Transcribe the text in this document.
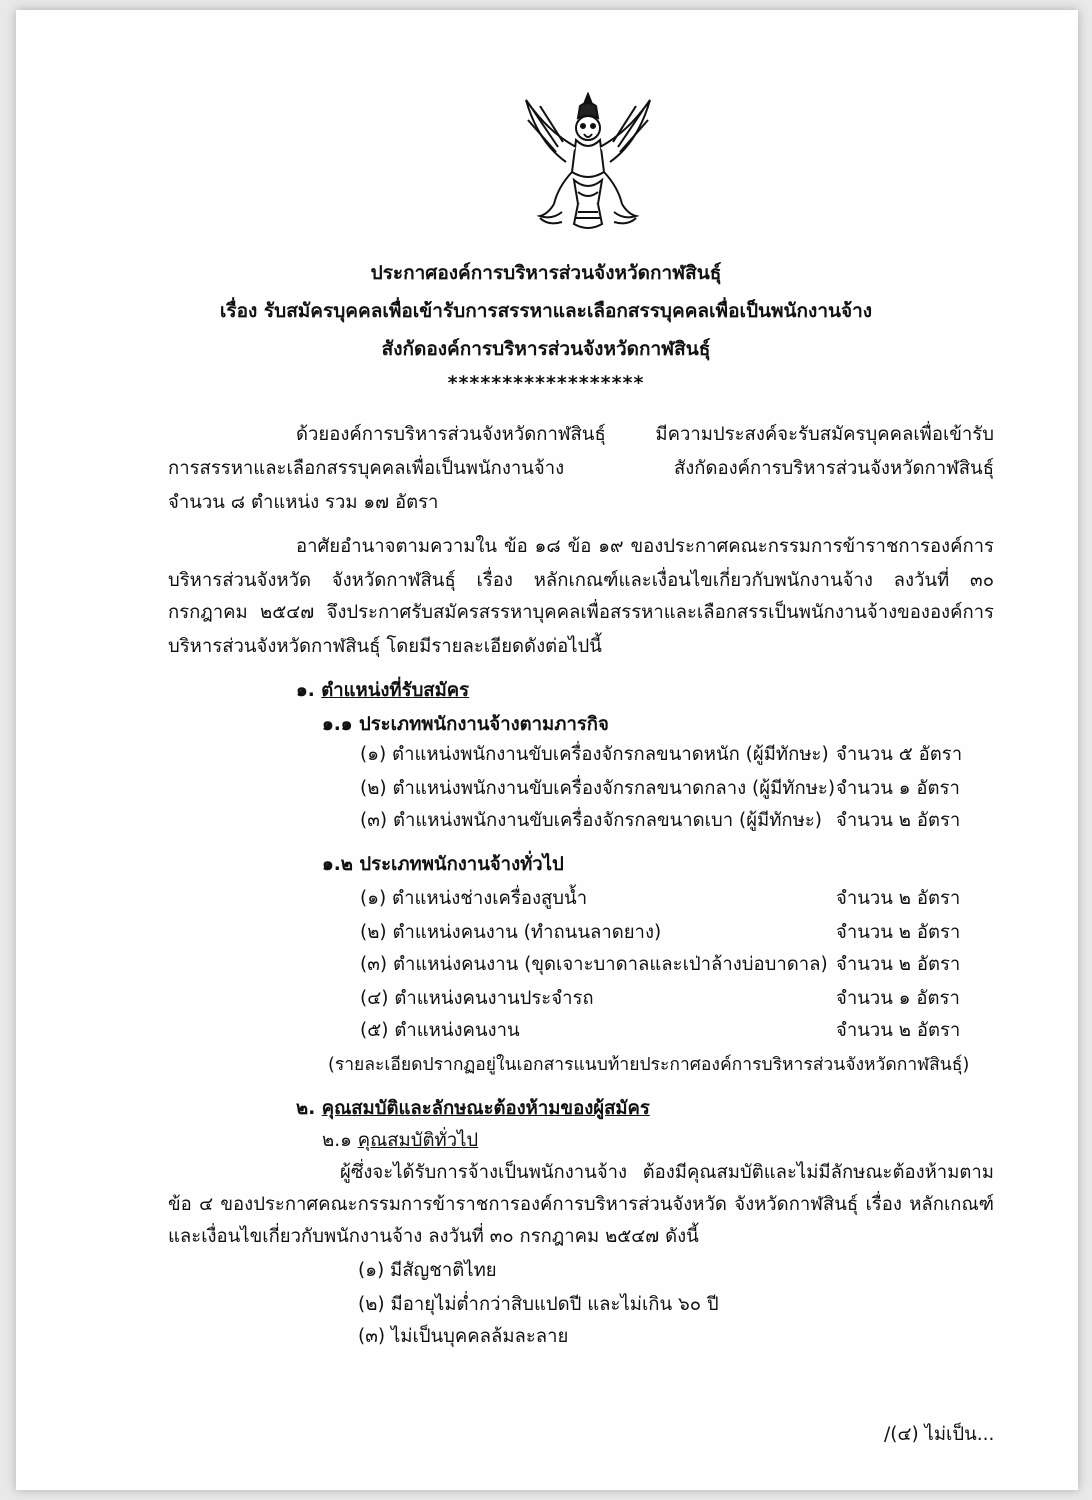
ประกาศองค์การบริหารส่วนจังหวัดกาฬสินธุ์
เรื่อง รับสมัครบุคคลเพื่อเข้ารับการสรรหาและเลือกสรรบุคคลเพื่อเป็นพนักงานจ้าง
สังกัดองค์การบริหารส่วนจังหวัดกาฬสินธุ์
******************
ด้วยองค์การบริหารส่วนจังหวัดกาฬสินธุ์ มีความประสงค์จะรับสมัครบุคคลเพื่อเข้ารับ
การสรรหาและเลือกสรรบุคคลเพื่อเป็นพนักงานจ้าง สังกัดองค์การบริหารส่วนจังหวัดกาฬสินธุ์
จำนวน ๘ ตำแหน่ง รวม ๑๗ อัตรา
อาศัยอำนาจตามความใน ข้อ ๑๘ ข้อ ๑๙ ของประกาศคณะกรรมการข้าราชการองค์การ
บริหารส่วนจังหวัด จังหวัดกาฬสินธุ์ เรื่อง หลักเกณฑ์และเงื่อนไขเกี่ยวกับพนักงานจ้าง ลงวันที่ ๓๐
กรกฎาคม ๒๕๔๗ จึงประกาศรับสมัครสรรหาบุคคลเพื่อสรรหาและเลือกสรรเป็นพนักงานจ้างขององค์การ
บริหารส่วนจังหวัดกาฬสินธุ์ โดยมีรายละเอียดดังต่อไปนี้
๑. ตำแหน่งที่รับสมัคร
๑.๑ ประเภทพนักงานจ้างตามภารกิจ
(๑) ตำแหน่งพนักงานขับเครื่องจักรกลขนาดหนัก (ผู้มีทักษะ) จำนวน ๕ อัตรา
(๒) ตำแหน่งพนักงานขับเครื่องจักรกลขนาดกลาง (ผู้มีทักษะ) จำนวน ๑ อัตรา
(๓) ตำแหน่งพนักงานขับเครื่องจักรกลขนาดเบา (ผู้มีทักษะ) จำนวน ๒ อัตรา
๑.๒ ประเภทพนักงานจ้างทั่วไป
(๑) ตำแหน่งช่างเครื่องสูบน้ำ	จำนวน ๒ อัตรา
(๒) ตำแหน่งคนงาน (ทำถนนลาดยาง)	จำนวน ๒ อัตรา
(๓) ตำแหน่งคนงาน (ขุดเจาะบาดาลและเป่าล้างบ่อบาดาล) จำนวน ๒ อัตรา
(๔) ตำแหน่งคนงานประจำรถ	จำนวน ๑ อัตรา
(๕) ตำแหน่งคนงาน	จำนวน ๒ อัตรา
(รายละเอียดปรากฏอยู่ในเอกสารแนบท้ายประกาศองค์การบริหารส่วนจังหวัดกาฬสินธุ์)
๒. คุณสมบัติและลักษณะต้องห้ามของผู้สมัคร
๒.๑ คุณสมบัติทั่วไป
ผู้ซึ่งจะได้รับการจ้างเป็นพนักงานจ้าง ต้องมีคุณสมบัติและไม่มีลักษณะต้องห้ามตาม
ข้อ ๔ ของประกาศคณะกรรมการข้าราชการองค์การบริหารส่วนจังหวัด จังหวัดกาฬสินธุ์ เรื่อง หลักเกณฑ์
และเงื่อนไขเกี่ยวกับพนักงานจ้าง ลงวันที่ ๓๐ กรกฎาคม ๒๕๔๗ ดังนี้
(๑) มีสัญชาติไทย
(๒) มีอายุไม่ต่ำกว่าสิบแปดปี และไม่เกิน ๖๐ ปี
(๓) ไม่เป็นบุคคลล้มละลาย
/(๔) ไม่เป็น...
